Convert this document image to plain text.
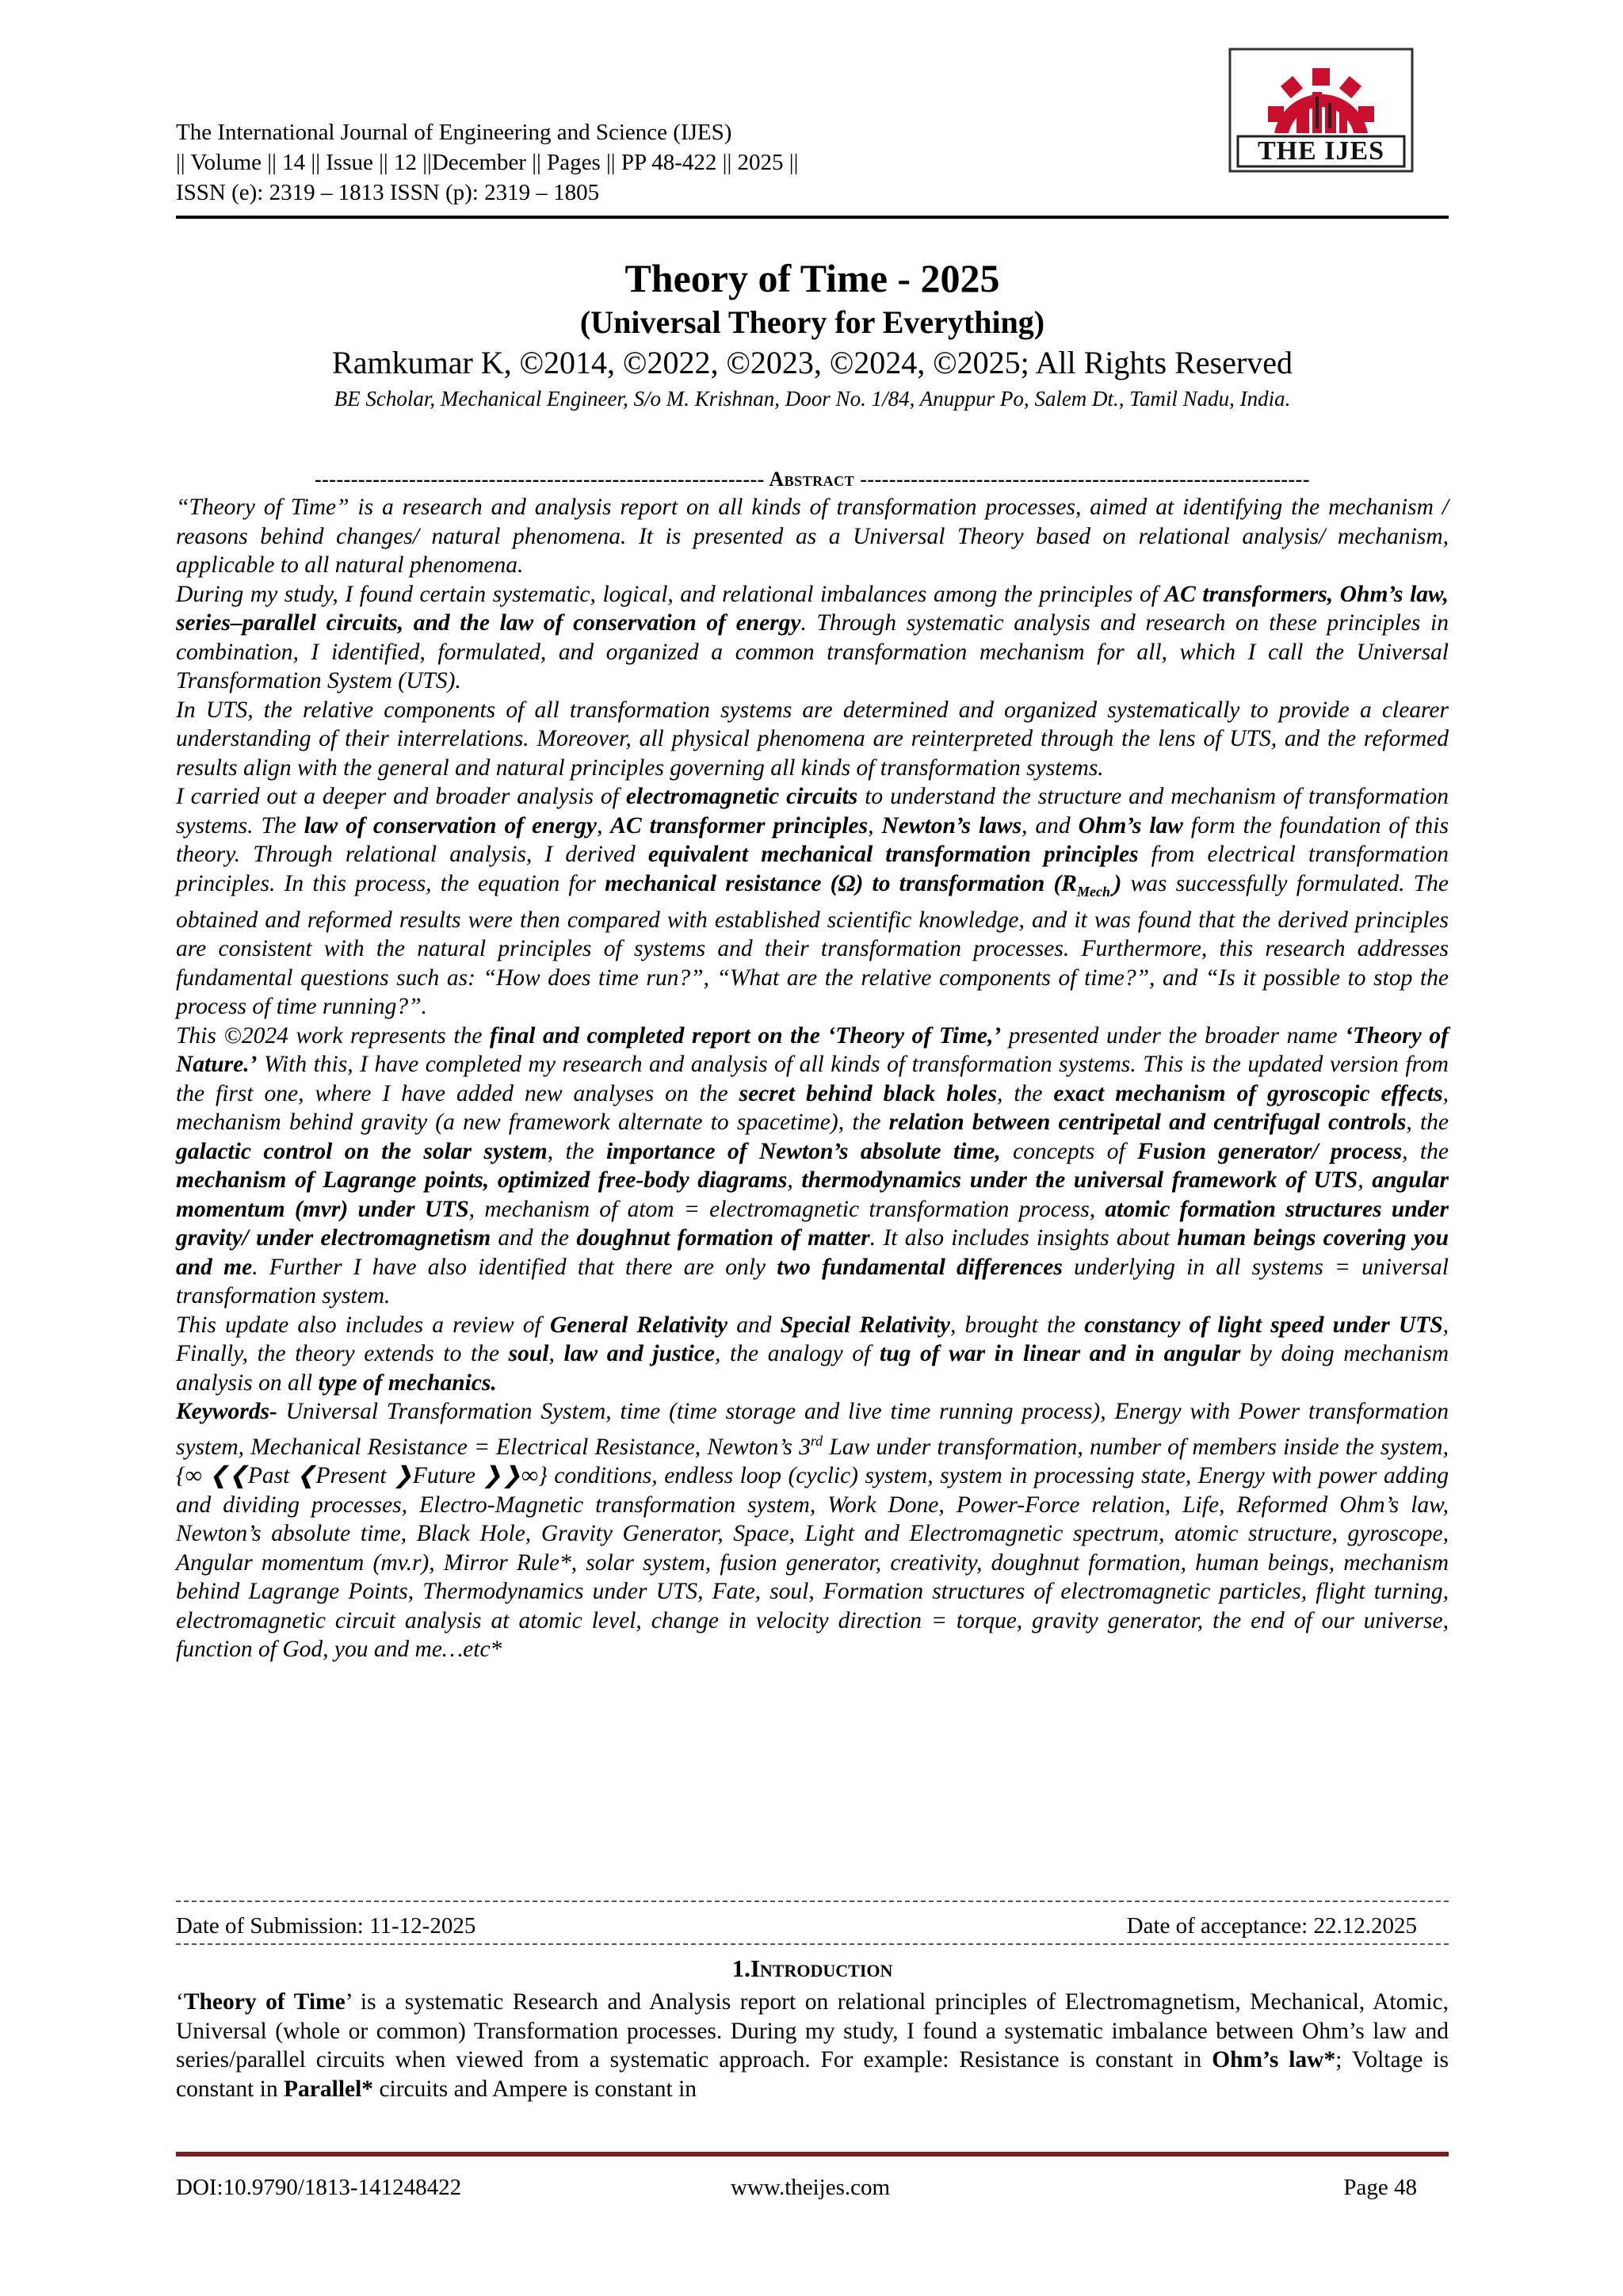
The International Journal of Engineering and Science (IJES)
|| Volume || 14 || Issue || 12 ||December || Pages || PP 48-422 || 2025 ||
ISSN (e): 2319 – 1813 ISSN (p): 2319 – 1805
THE IJES
Theory of Time - 2025
(Universal Theory for Everything)
Ramkumar K, ©2014, ©2022, ©2023, ©2024, ©2025; All Rights Reserved
BE Scholar, Mechanical Engineer, S/o M. Krishnan, Door No. 1/84, Anuppur Po, Salem Dt., Tamil Nadu, India.
-------------------------------------------------------------- Abstract --------------------------------------------------------------

“Theory of Time” is a research and analysis report on all kinds of transformation processes, aimed at identifying the mechanism / reasons behind changes/ natural phenomena. It is presented as a Universal Theory based on relational analysis/ mechanism, applicable to all natural phenomena.

During my study, I found certain systematic, logical, and relational imbalances among the principles of AC transformers, Ohm’s law, series–parallel circuits, and the law of conservation of energy. Through systematic analysis and research on these principles in combination, I identified, formulated, and organized a common transformation mechanism for all, which I call the Universal Transformation System (UTS).

In UTS, the relative components of all transformation systems are determined and organized systematically to provide a clearer understanding of their interrelations. Moreover, all physical phenomena are reinterpreted through the lens of UTS, and the reformed results align with the general and natural principles governing all kinds of transformation systems.

I carried out a deeper and broader analysis of electromagnetic circuits to understand the structure and mechanism of transformation systems. The law of conservation of energy, AC transformer principles, Newton’s laws, and Ohm’s law form the foundation of this theory. Through relational analysis, I derived equivalent mechanical transformation principles from electrical transformation principles. In this process, the equation for mechanical resistance (Ω) to transformation $(R_{Mech.})$ was successfully formulated. The obtained and reformed results were then compared with established scientific knowledge, and it was found that the derived principles are consistent with the natural principles of systems and their transformation processes. Furthermore, this research addresses fundamental questions such as: “How does time run?”, “What are the relative components of time?”, and “Is it possible to stop the process of time running?”.

This ©2024 work represents the final and completed report on the ‘Theory of Time,’ presented under the broader name ‘Theory of Nature.’ With this, I have completed my research and analysis of all kinds of transformation systems. This is the updated version from the first one, where I have added new analyses on the secret behind black holes, the exact mechanism of gyroscopic effects, mechanism behind gravity (a new framework alternate to spacetime), the relation between centripetal and centrifugal controls, the galactic control on the solar system, the importance of Newton’s absolute time, concepts of Fusion generator/ process, the mechanism of Lagrange points, optimized free-body diagrams, thermodynamics under the universal framework of UTS, angular momentum (mvr) under UTS, mechanism of atom = electromagnetic transformation process, atomic formation structures under gravity/ under electromagnetism and the doughnut formation of matter. It also includes insights about human beings covering you and me. Further I have also identified that there are only two fundamental differences underlying in all systems = universal transformation system.

This update also includes a review of General Relativity and Special Relativity, brought the constancy of light speed under UTS, Finally, the theory extends to the soul, law and justice, the analogy of tug of war in linear and in angular by doing mechanism analysis on all type of mechanics.

Keywords- Universal Transformation System, time (time storage and live time running process), Energy with Power transformation system, Mechanical Resistance = Electrical Resistance, Newton’s 3rd Law under transformation, number of members inside the system, {∞ ❮❮Past ❮Present ❯Future ❯❯∞} conditions, endless loop (cyclic) system, system in processing state, Energy with power adding and dividing processes, Electro-Magnetic transformation system, Work Done, Power-Force relation, Life, Reformed Ohm’s law, Newton’s absolute time, Black Hole, Gravity Generator, Space, Light and Electromagnetic spectrum, atomic structure, gyroscope, Angular momentum (mv.r), Mirror Rule*, solar system, fusion generator, creativity, doughnut formation, human beings, mechanism behind Lagrange Points, Thermodynamics under UTS, Fate, soul, Formation structures of electromagnetic particles, flight turning, electromagnetic circuit analysis at atomic level, change in velocity direction = torque, gravity generator, the end of our universe, function of God, you and me…etc*

Date of Submission: 11-12-2025	Date of acceptance: 22.12.2025
1.Introduction

‘Theory of Time’ is a systematic Research and Analysis report on relational principles of Electromagnetism, Mechanical, Atomic, Universal (whole or common) Transformation processes. During my study, I found a systematic imbalance between Ohm’s law and series/parallel circuits when viewed from a systematic approach. For example: Resistance is constant in Ohm’s law*; Voltage is constant in Parallel* circuits and Ampere is constant in

DOI:10.9790/1813-141248422	www.theijes.com	Page 48
